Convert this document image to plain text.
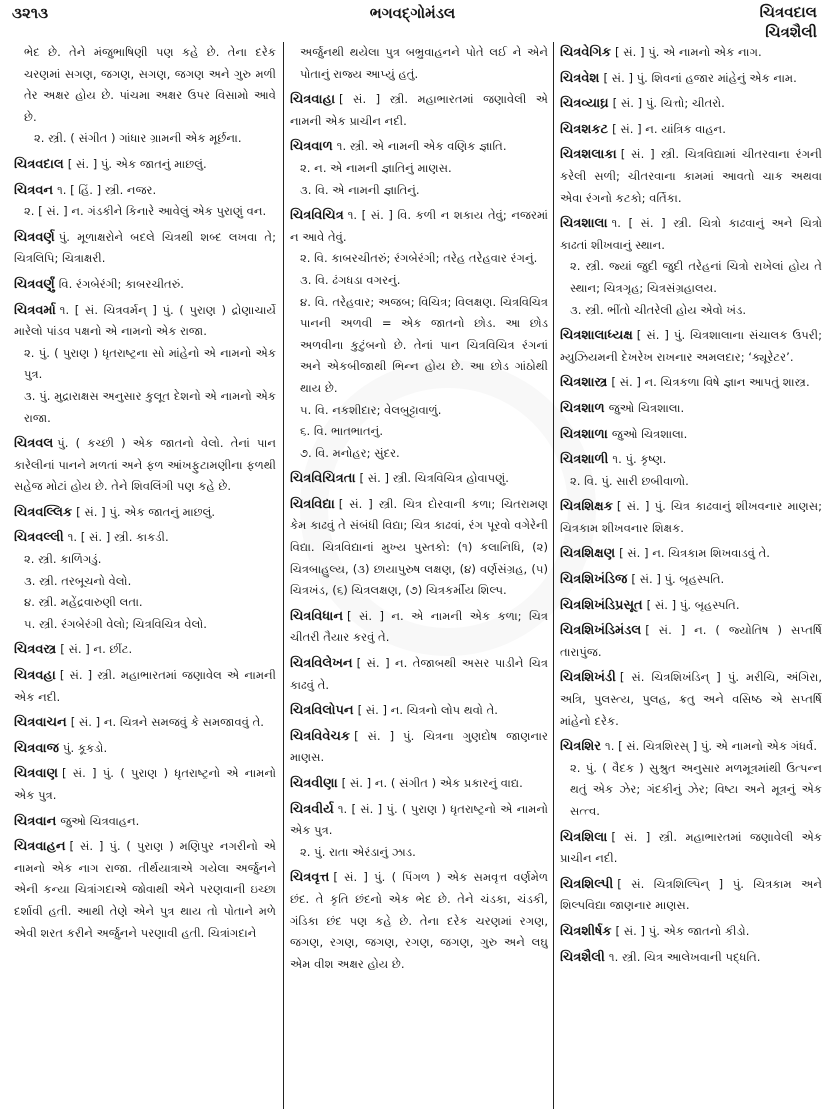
૩૨૧૩	ભગવદ્ગોમંડલ	ચિત્રવદાલ
ચિત્રશૈલી
ભેદ છે. તેને મંજુભાષિણી પણ કહે છે. તેના દરેક ચરણમાં સગણ, જગણ, સગણ, જગણ અને ગુરુ મળી તેર અક્ષર હોય છે. પાંચમા અક્ષર ઉપર વિસામો આવે છે.
૨. સ્ત્રી. ( સંગીત ) ગાંધાર ગ્રામની એક મૂર્છના.
ચિત્રવદાલ [ સં. ] પું. એક જાતનું માછલું.
ચિત્રવન ૧. [ હિં. ] સ્ત્રી. નજર.
૨. [ સં. ] ન. ગંડકીને કિનારે આવેલું એક પુરાણું વન.
ચિત્રવર્ણ પું. મૂળાક્ષરોને બદલે ચિત્રથી શબ્દ લખવા તે; ચિત્રલિપિ; ચિત્રાક્ષરી.
ચિત્રવર્ણું વિ. રંગબેરંગી; કાબરચીતરું.
ચિત્રવર્મા ૧. [ સં. ચિત્રવર્મન્ ] પું. ( પુરાણ ) દ્રોણાચાર્યે મારેલો પાંડવ પક્ષનો એ નામનો એક રાજા.
૨. પું. ( પુરાણ ) ધૃતરાષ્ટ્રના સો માંહેનો એ નામનો એક પુત્ર.
૩. પું. મુદ્રારાક્ષસ અનુસાર કુલૂત દેશનો એ નામનો એક રાજા.
ચિત્રવલ પું. ( કચ્છી ) એક જાતનો વેલો. તેનાં પાન કારેલીનાં પાનને મળતાં અને ફળ આંખફુટામણીના ફળથી સહેજ મોટાં હોય છે. તેને શિવલિંગી પણ કહે છે.
ચિત્રવલ્લિક [ સં. ] પું. એક જાતનું માછલું.
ચિત્રવલ્લી ૧. [ સં. ] સ્ત્રી. કાકડી.
૨. સ્ત્રી. કાળિંગડું.
૩. સ્ત્રી. તરબૂચનો વેલો.
૪. સ્ત્રી. મહેંદ્રવારુણી લતા.
૫. સ્ત્રી. રંગબેરંગી વેલો; ચિત્રવિચિત્ર વેલો.
ચિત્રવસ્ત્ર [ સં. ] ન. છીંટ.
ચિત્રવહા [ સં. ] સ્ત્રી. મહાભારતમાં જણાવેલ એ નામની એક નદી.
ચિત્રવાચન [ સં. ] ન. ચિત્રને સમજવું કે સમજાવવું તે.
ચિત્રવાજ પું. કૂકડો.
ચિત્રવાણ [ સં. ] પું. ( પુરાણ ) ધૃતરાષ્ટ્રનો એ નામનો એક પુત્ર.
ચિત્રવાન જુઓ ચિત્રવાહન.
ચિત્રવાહન [ સં. ] પું. ( પુરાણ ) મણિપુર નગરીનો એ નામનો એક નાગ રાજા. તીર્થયાત્રાએ ગયેલા અર્જુનને એની કન્યા ચિત્રાંગદાએ જોવાથી એને પરણવાની ઇચ્છા દર્શાવી હતી. આથી તેણે એને પુત્ર થાય તો પોતાને મળે એવી શરત કરીને અર્જુનને પરણાવી હતી. ચિત્રાંગદાને
અર્જુનથી થયેલા પુત્ર બભ્રુવાહનને પોતે લઈ ને એને પોતાનું રાજ્ય આપ્યું હતું.
ચિત્રવાહા [ સં. ] સ્ત્રી. મહાભારતમાં જણાવેલી એ નામની એક પ્રાચીન નદી.
ચિત્રવાળ ૧. સ્ત્રી. એ નામની એક વણિક જ્ઞાતિ.
૨. ન. એ નામની જ્ઞાતિનું માણસ.
૩. વિ. એ નામની જ્ઞાતિનું.
ચિત્રવિચિત્ર ૧. [ સં. ] વિ. કળી ન શકાય તેવું; નજરમાં ન આવે તેવું.
૨. વિ. કાબરચીતરું; રંગબેરંગી; તરેહ તરેહવાર રંગનું.
૩. વિ. ઢંગધડા વગરનું.
૪. વિ. તરેહવાર; અજબ; વિચિત્ર; વિલક્ષણ. ચિત્રવિચિત્ર પાનની અળવી = એક જાતનો છોડ. આ છોડ અળવીના કુટુંબનો છે. તેનાં પાન ચિત્રવિચિત્ર રંગનાં અને એકબીજાથી ભિન્ન હોય છે. આ છોડ ગાંઠોથી થાય છે.
૫. વિ. નકશીદાર; વેલબુટ્ટાવાળું.
૬. વિ. ભાતભાતનું.
૭. વિ. મનોહર; સુંદર.
ચિત્રવિચિત્રતા [ સં. ] સ્ત્રી. ચિત્રવિચિત્ર હોવાપણું.
ચિત્રવિદ્યા [ સં. ] સ્ત્રી. ચિત્ર દોરવાની કળા; ચિતરામણ કેમ કાઢવું તે સંબંધી વિદ્યા; ચિત્ર કાઢવાં, રંગ પૂરવો વગેરેની વિદ્યા. ચિત્રવિદ્યાનાં મુખ્ય પુસ્તકો: (૧) કલાનિધિ, (૨) ચિત્રબાહુલ્ય, (૩) છાયાપુરુષ લક્ષણ, (૪) વર્ણસંગ્રહ, (૫) ચિત્રખંડ, (૬) ચિત્રલક્ષણ, (૭) ચિત્રકર્મીય શિલ્પ.
ચિત્રવિધાન [ સં. ] ન. એ નામની એક કળા; ચિત્ર ચીતરી તૈયાર કરવું તે.
ચિત્રવિલેખન [ સં. ] ન. તેજાબથી અસર પાડીને ચિત્ર કાઢવું તે.
ચિત્રવિલોપન [ સં. ] ન. ચિત્રનો લોપ થવો તે.
ચિત્રવિવેચક [ સં. ] પું. ચિત્રના ગુણદોષ જાણનાર માણસ.
ચિત્રવીણા [ સં. ] ન. ( સંગીત ) એક પ્રકારનું વાદ્ય.
ચિત્રવીર્ય ૧. [ સં. ] પું. ( પુરાણ ) ધૃતરાષ્ટ્રનો એ નામનો એક પુત્ર.
૨. પું. રાતા એરંડાનું ઝાડ.
ચિત્રવૃત્ત [ સં. ] પું. ( પિંગળ ) એક સમવૃત્ત વર્ણમેળ છંદ. તે કૃતિ છંદનો એક ભેદ છે. તેને ચંડકા, ચંડકી, ગંડિકા છંદ પણ કહે છે. તેના દરેક ચરણમાં રગણ, જગણ, રગણ, જગણ, રગણ, જગણ, ગુરુ અને લઘુ એમ વીશ અક્ષર હોય છે.
ચિત્રવેગિક [ સં. ] પું. એ નામનો એક નાગ.
ચિત્રવેશ [ સં. ] પું. શિવનાં હજાર માંહેનું એક નામ.
ચિત્રવ્યાઘ્ર [ સં. ] પું. ચિત્તો; ચીતરો.
ચિત્રશકટ [ સં. ] ન. યાંત્રિક વાહન.
ચિત્રશલાકા [ સં. ] સ્ત્રી. ચિત્રવિદ્યામાં ચીતરવાના રંગની કરેલી સળી; ચીતરવાના કામમાં આવતો ચાક અથવા એવા રંગનો કટકો; વર્તિકા.
ચિત્રશાલા ૧. [ સં. ] સ્ત્રી. ચિત્રો કાઢવાનું અને ચિત્રો કાઢતાં શીખવાનું સ્થાન.
૨. સ્ત્રી. જ્યાં જુદી જુદી તરેહનાં ચિત્રો રાખેલાં હોય તે સ્થાન; ચિત્રગૃહ; ચિત્રસંગ્રહાલય.
૩. સ્ત્રી. ભીંતો ચીતરેલી હોય એવો ખંડ.
ચિત્રશાલાધ્યક્ષ [ સં. ] પું. ચિત્રશાલાના સંચાલક ઉપરી; મ્યુઝિયમની દેખરેખ રાખનાર અમલદાર; ‘ક્યૂરેટર’.
ચિત્રશાસ્ત્ર [ સં. ] ન. ચિત્રકળા વિષે જ્ઞાન આપતું શાસ્ત્ર.
ચિત્રશાળ જુઓ ચિત્રશાલા.
ચિત્રશાળા જુઓ ચિત્રશાલા.
ચિત્રશાળી ૧. પું. કૃષ્ણ.
૨. વિ. પું. સારી છબીવાળો.
ચિત્રશિક્ષક [ સં. ] પું. ચિત્ર કાઢવાનું શીખવનાર માણસ; ચિત્રકામ શીખવનાર શિક્ષક.
ચિત્રશિક્ષણ [ સં. ] ન. ચિત્રકામ શિખવાડવું તે.
ચિત્રશિખંડિજ [ સં. ] પું. બૃહસ્પતિ.
ચિત્રશિખંડિપ્રસૂત [ સં. ] પું. બૃહસ્પતિ.
ચિત્રશિખંડિમંડલ [ સં. ] ન. ( જ્યોતિષ ) સપ્તર્ષિ તારાપુંજ.
ચિત્રશિખંડી [ સં. ચિત્રશિખંડિન્ ] પું. મરીચિ, અંગિરા, અત્રિ, પુલસ્ત્ય, પુલહ, ક્રતુ અને વસિષ્ઠ એ સપ્તર્ષિ માંહેનો દરેક.
ચિત્રશિર ૧. [ સં. ચિત્રશિરસ્ ] પું. એ નામનો એક ગંધર્વ.
૨. પું. ( વૈદક ) સુશ્રુત અનુસાર મળમૂત્રમાંથી ઉત્પન્ન થતું એક ઝેર; ગંદકીનું ઝેર; વિષ્ટા અને મૂત્રનું એક સત્ત્વ.
ચિત્રશિલા [ સં. ] સ્ત્રી. મહાભારતમાં જણાવેલી એક પ્રાચીન નદી.
ચિત્રશિલ્પી [ સં. ચિત્રશિલ્પિન્ ] પું. ચિત્રકામ અને શિલ્પવિદ્યા જાણનાર માણસ.
ચિત્રશીર્ષક [ સં. ] પું. એક જાતનો કીડો.
ચિત્રશૈલી ૧. સ્ત્રી. ચિત્ર આલેખવાની પદ્ધતિ.
